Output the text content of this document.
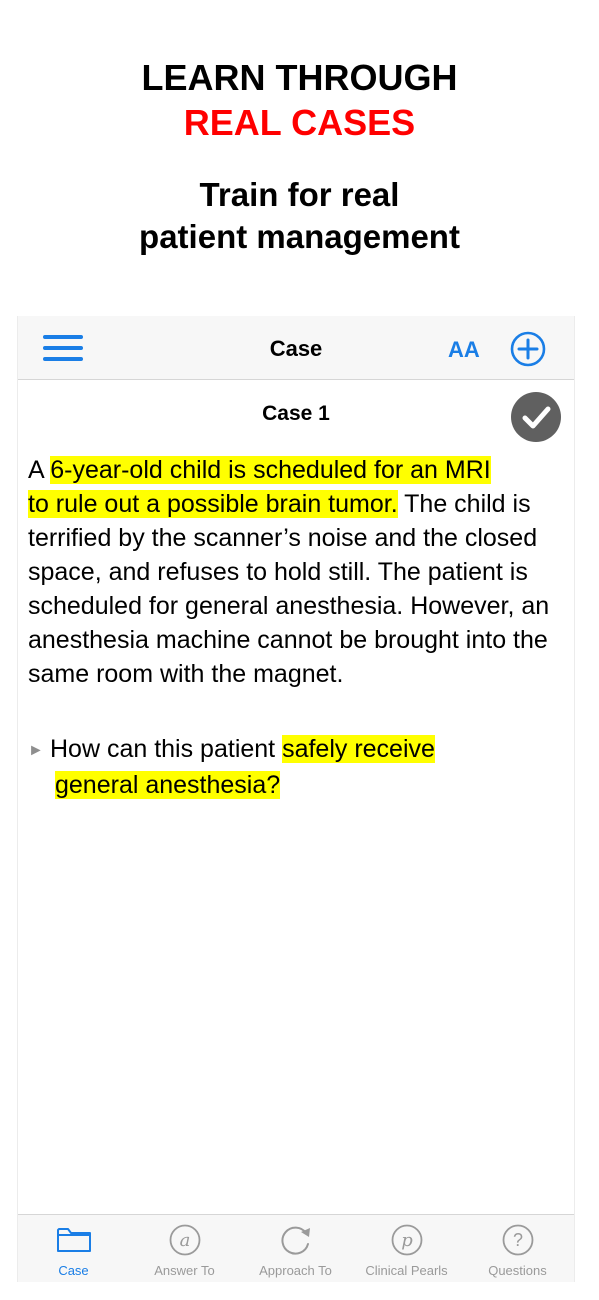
LEARN THROUGH
REAL CASES
Train for real
patient management
Case	AA
Case 1

A 6-year-old child is scheduled for an MRI
to rule out a possible brain tumor. The child is terrified by the scanner’s noise and the closed space, and refuses to hold still. The patient is scheduled for general anesthesia. However, an anesthesia machine cannot be brought into the same room with the magnet.

► How can this patient safely receive
general anesthesia?
Case
a
Answer To	Approach To
p
Clinical Pearls
?
Questions
